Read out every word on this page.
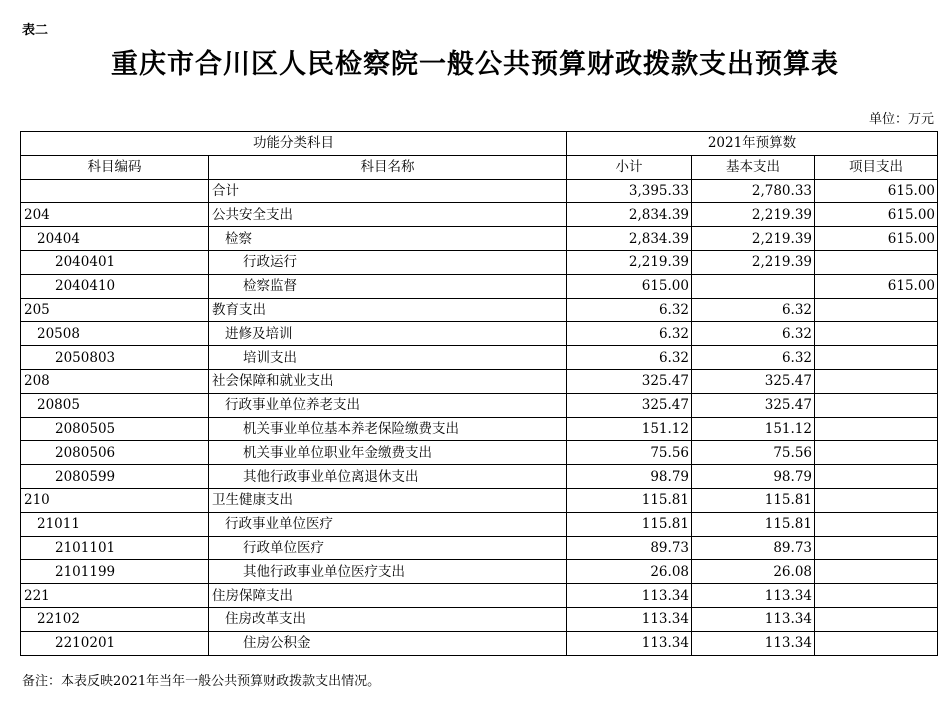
表二
重庆市合川区人民检察院一般公共预算财政拨款支出预算表
单位：万元
功能分类科目		2021年预算数		
科目编码	科目名称	小计	基本支出	项目支出
	合计	3,395.33	2,780.33	615.00
204	公共安全支出	2,834.39	2,219.39	615.00
20404	检察	2,834.39	2,219.39	615.00
2040401	行政运行	2,219.39	2,219.39	
2040410	检察监督	615.00		615.00
205	教育支出	6.32	6.32	
20508	进修及培训	6.32	6.32	
2050803	培训支出	6.32	6.32	
208	社会保障和就业支出	325.47	325.47	
20805	行政事业单位养老支出	325.47	325.47	
2080505	机关事业单位基本养老保险缴费支出	151.12	151.12	
2080506	机关事业单位职业年金缴费支出	75.56	75.56	
2080599	其他行政事业单位离退休支出	98.79	98.79	
210	卫生健康支出	115.81	115.81	
21011	行政事业单位医疗	115.81	115.81	
2101101	行政单位医疗	89.73	89.73	
2101199	其他行政事业单位医疗支出	26.08	26.08	
221	住房保障支出	113.34	113.34	
22102	住房改革支出	113.34	113.34	
2210201	住房公积金	113.34	113.34	
备注：本表反映2021年当年一般公共预算财政拨款支出情况。
